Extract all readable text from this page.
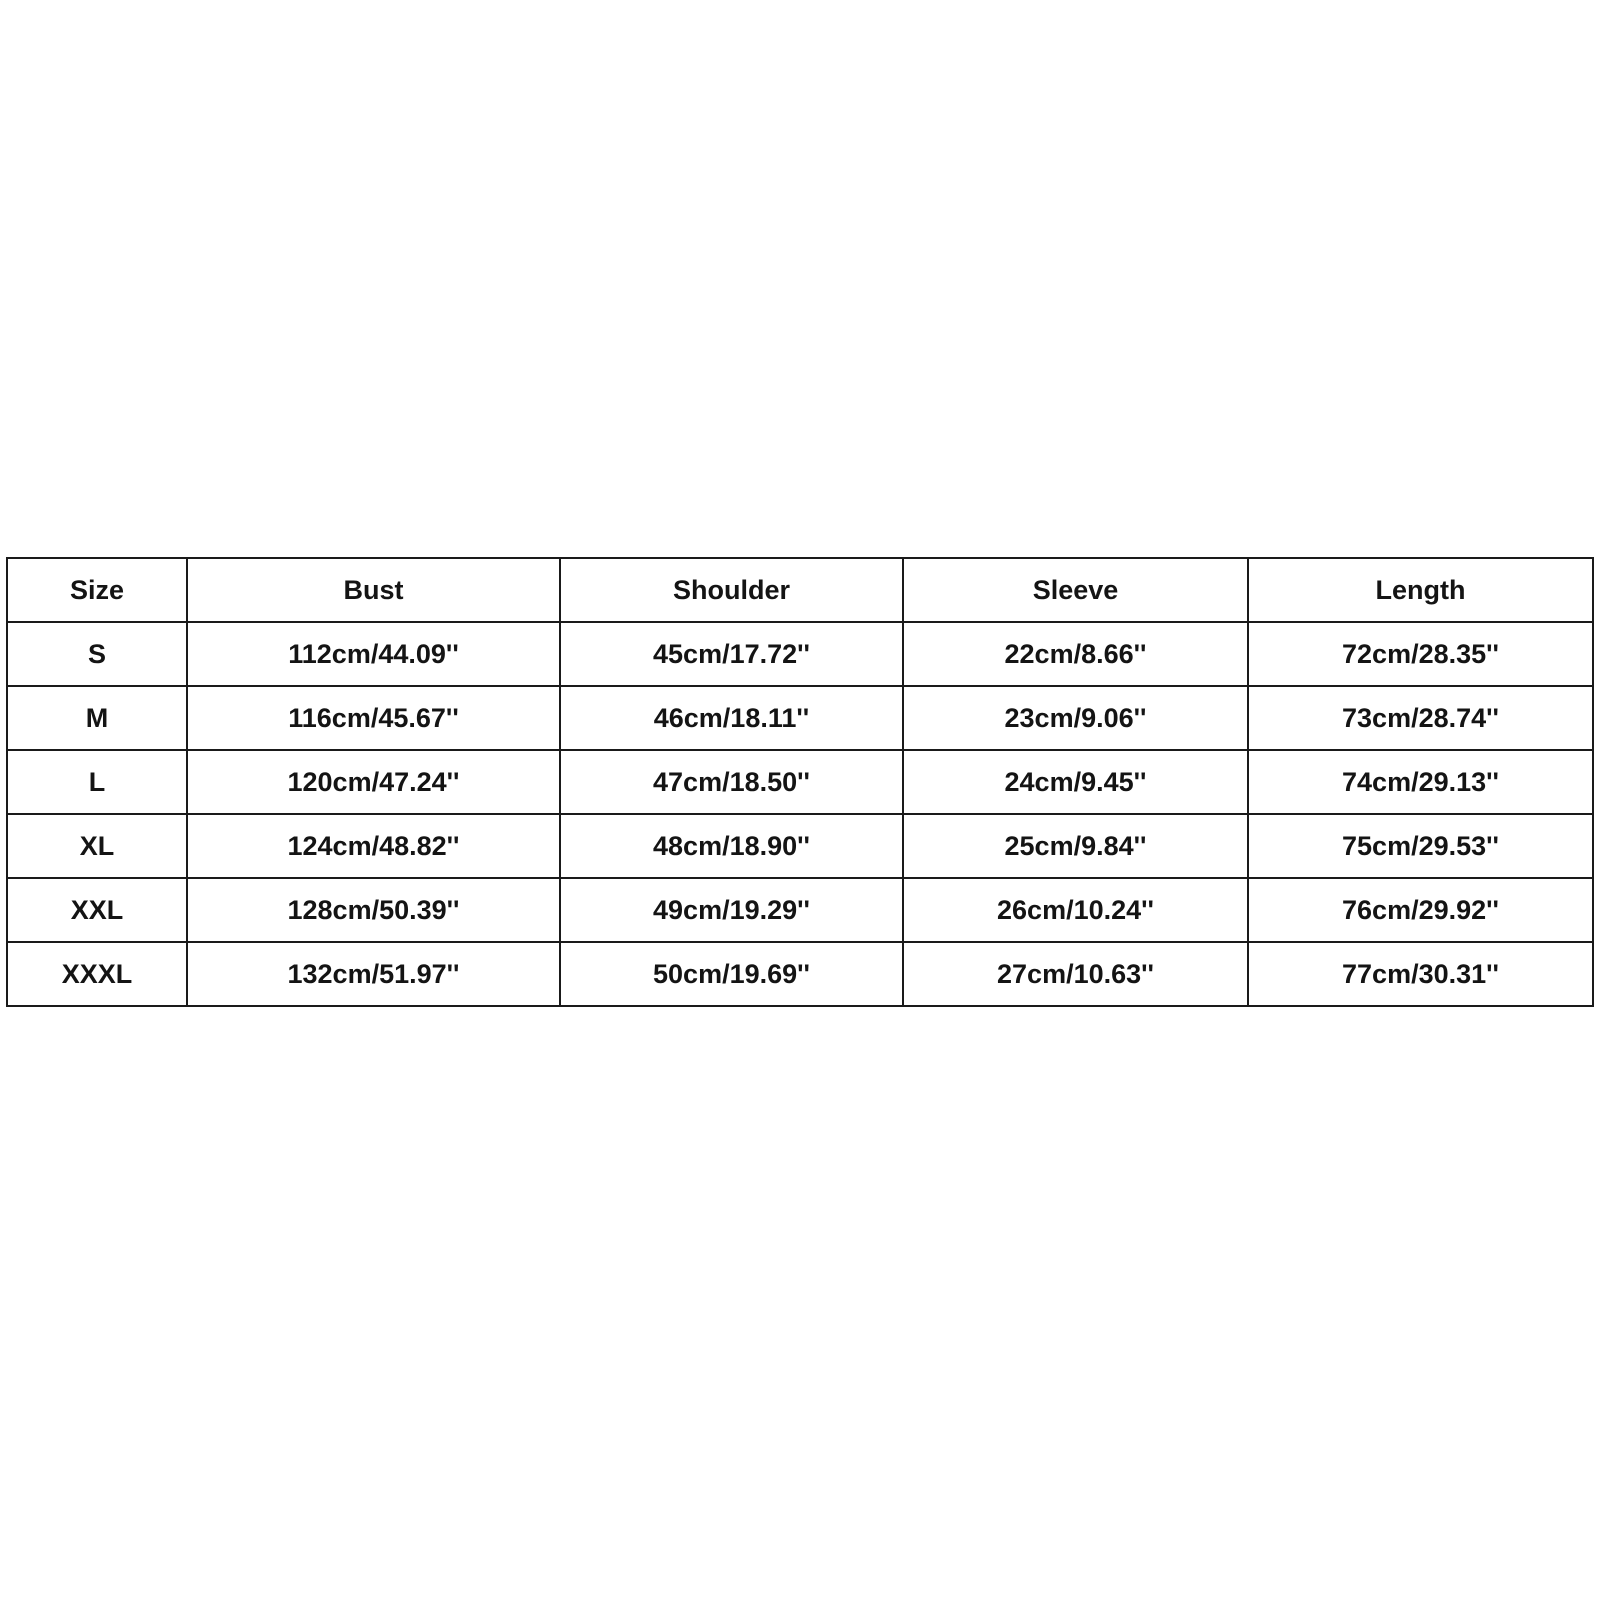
Size	Bust	Shoulder	Sleeve	Length
S	112cm/44.09''	45cm/17.72''	22cm/8.66''	72cm/28.35''
M	116cm/45.67''	46cm/18.11''	23cm/9.06''	73cm/28.74''
L	120cm/47.24''	47cm/18.50''	24cm/9.45''	74cm/29.13''
XL	124cm/48.82''	48cm/18.90''	25cm/9.84''	75cm/29.53''
XXL	128cm/50.39''	49cm/19.29''	26cm/10.24''	76cm/29.92''
XXXL	132cm/51.97''	50cm/19.69''	27cm/10.63''	77cm/30.31''
